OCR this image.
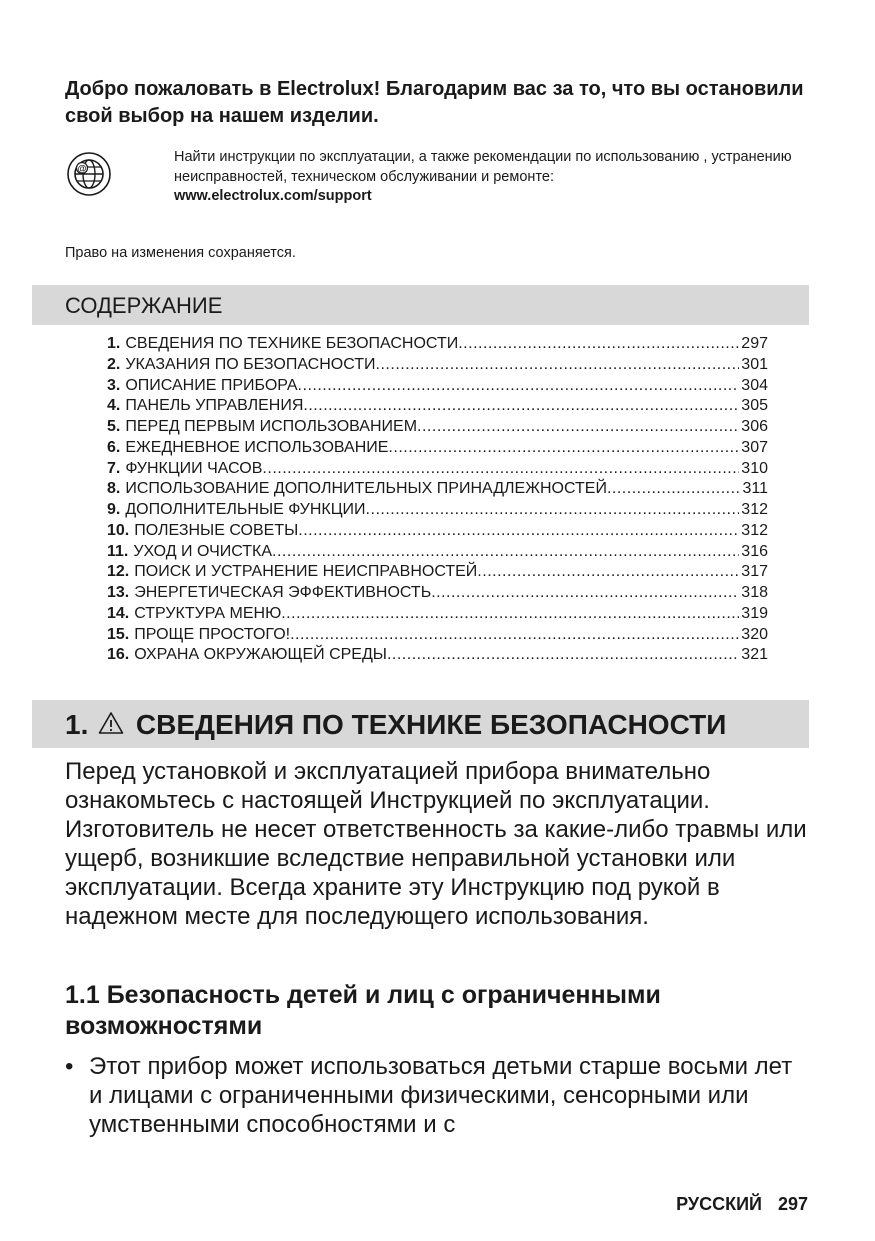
Добро пожаловать в Electrolux! Благодарим вас за то, что вы остановили свой выбор на нашем изделии.
@
Найти инструкции по эксплуатации, а также рекомендации по использованию , устранению неисправностей, техническом обслуживании и ремонте:
www.electrolux.com/support
Право на изменения сохраняется.
СОДЕРЖАНИЕ
1. СВЕДЕНИЯ ПО ТЕХНИКЕ БЕЗОПАСНОСТИ .....	297
2. УКАЗАНИЯ ПО БЕЗОПАСНОСТИ .....	301
3. ОПИСАНИЕ ПРИБОРА .....	304
4. ПАНЕЛЬ УПРАВЛЕНИЯ .....	305
5. ПЕРЕД ПЕРВЫМ ИСПОЛЬЗОВАНИЕМ .....	306
6. ЕЖЕДНЕВНОЕ ИСПОЛЬЗОВАНИЕ .....	307
7. ФУНКЦИИ ЧАСОВ .....	310
8. ИСПОЛЬЗОВАНИЕ ДОПОЛНИТЕЛЬНЫХ ПРИНАДЛЕЖНОСТЕЙ .....	311
9. ДОПОЛНИТЕЛЬНЫЕ ФУНКЦИИ .....	312
10. ПОЛЕЗНЫЕ СОВЕТЫ .....	312
11. УХОД И ОЧИСТКА .....	316
12. ПОИСК И УСТРАНЕНИЕ НЕИСПРАВНОСТЕЙ .....	317
13. ЭНЕРГЕТИЧЕСКАЯ ЭФФЕКТИВНОСТЬ .....	318
14. СТРУКТУРА МЕНЮ .....	319
15. ПРОЩЕ ПРОСТОГО! .....	320
16. ОХРАНА ОКРУЖАЮЩЕЙ СРЕДЫ .....	321
1. СВЕДЕНИЯ ПО ТЕХНИКЕ БЕЗОПАСНОСТИ

Перед установкой и эксплуатацией прибора внимательно ознакомьтесь с настоящей Инструкцией по эксплуатации. Изготовитель не несет ответственность за какие-либо травмы или ущерб, возникшие вследствие неправильной установки или эксплуатации. Всегда храните эту Инструкцию под рукой в надежном месте для последующего использования.

1.1 Безопасность детей и лиц с ограниченными возможностями
• Этот прибор может использоваться детьми старше восьми лет и лицами с ограниченными физическими, сенсорными или умственными способностями и с

РУССКИЙ 297
